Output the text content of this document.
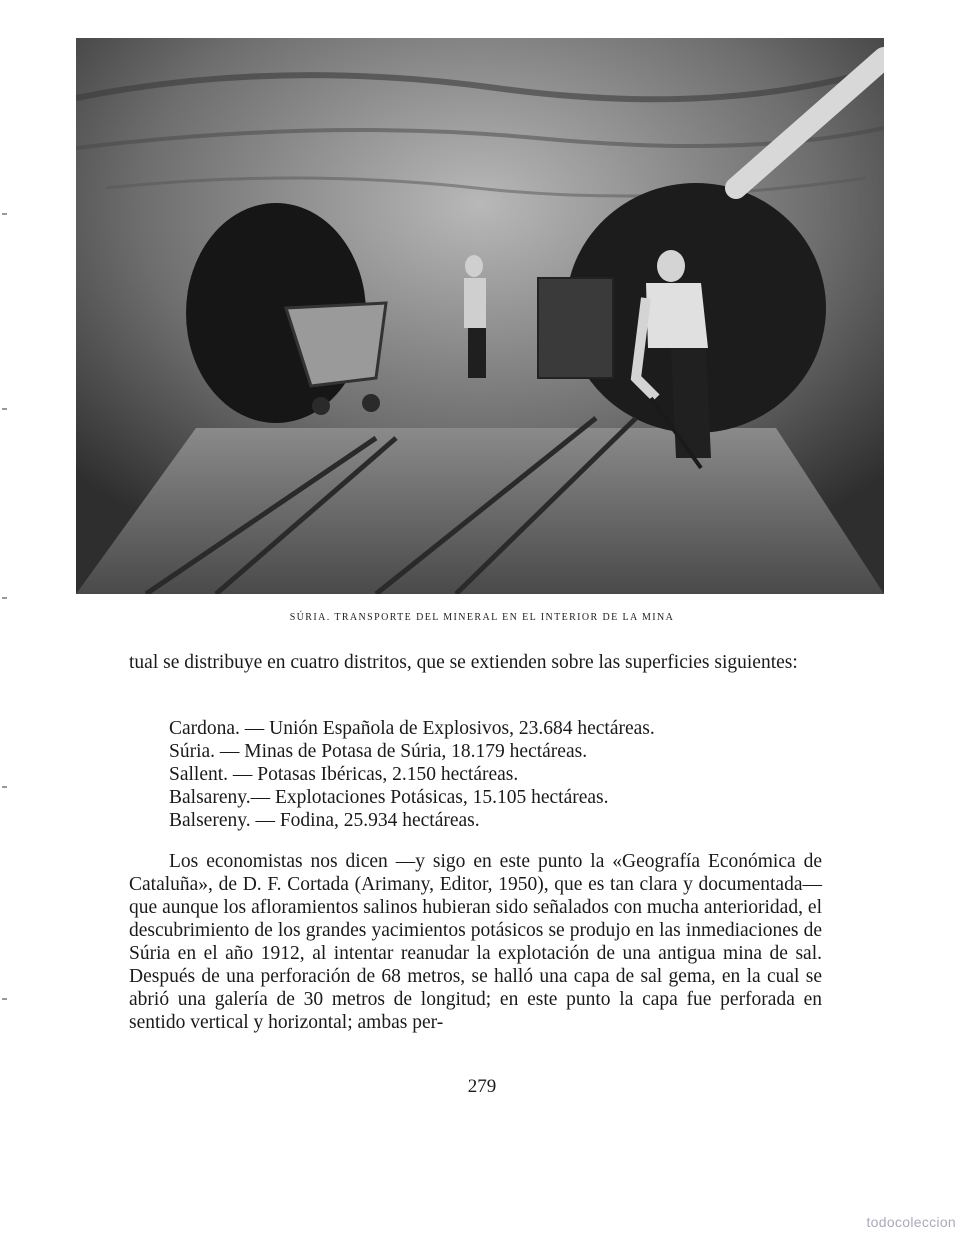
SÚRIA. TRANSPORTE DEL MINERAL EN EL INTERIOR DE LA MINA
tual se distribuye en cuatro distritos, que se extienden sobre las superficies siguientes:
Cardona. — Unión Española de Explosivos, 23.684 hectáreas.
Súria. — Minas de Potasa de Súria, 18.179 hectáreas.
Sallent. — Potasas Ibéricas, 2.150 hectáreas.
Balsareny.— Explotaciones Potásicas, 15.105 hectáreas.
Balsereny. — Fodina, 25.934 hectáreas.
Los economistas nos dicen —y sigo en este punto la «Geografía Económica de Cataluña», de D. F. Cortada (Arimany, Editor, 1950), que es tan clara y documentada— que aunque los afloramientos salinos hubieran sido señalados con mucha anterioridad, el descubrimiento de los grandes yacimientos potásicos se produjo en las inmediaciones de Súria en el año 1912, al intentar reanudar la explotación de una antigua mina de sal. Después de una perforación de 68 metros, se halló una capa de sal gema, en la cual se abrió una galería de 30 metros de longitud; en este punto la capa fue perforada en sentido vertical y horizontal; ambas per-
279
todocoleccion
